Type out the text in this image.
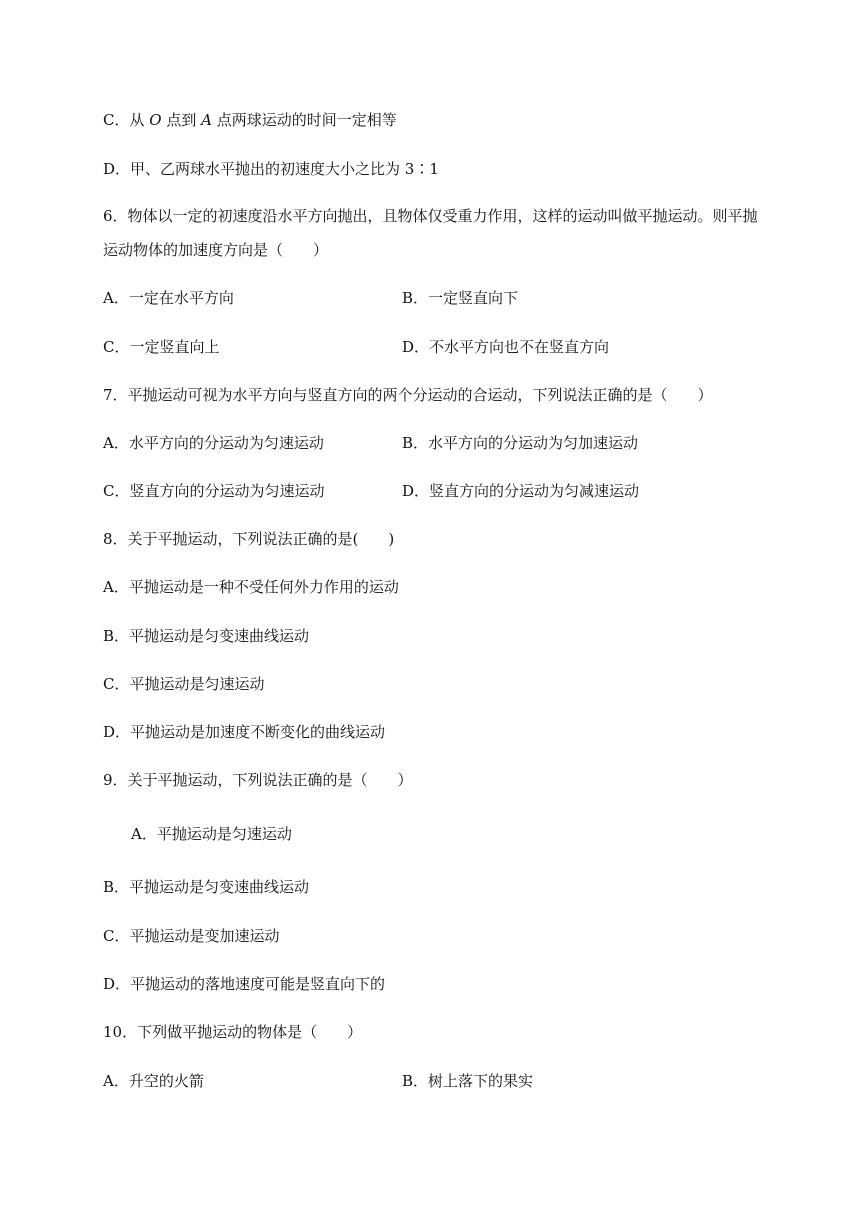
C．从 O 点到 A 点两球运动的时间一定相等
D．甲、乙两球水平抛出的初速度大小之比为 3∶1
6．物体以一定的初速度沿水平方向抛出，且物体仅受重力作用，这样的运动叫做平抛运动。则平抛
运动物体的加速度方向是（　　）
A．一定在水平方向	B．一定竖直向下
C．一定竖直向上	D．不水平方向也不在竖直方向
7．平抛运动可视为水平方向与竖直方向的两个分运动的合运动，下列说法正确的是（　　）
A．水平方向的分运动为匀速运动	B．水平方向的分运动为匀加速运动
C．竖直方向的分运动为匀速运动	D．竖直方向的分运动为匀减速运动
8．关于平抛运动，下列说法正确的是(　　)
A．平抛运动是一种不受任何外力作用的运动
B．平抛运动是匀变速曲线运动
C．平抛运动是匀速运动
D．平抛运动是加速度不断变化的曲线运动
9．关于平抛运动，下列说法正确的是（　　）
A．平抛运动是匀速运动
B．平抛运动是匀变速曲线运动
C．平抛运动是变加速运动
D．平抛运动的落地速度可能是竖直向下的
10．下列做平抛运动的物体是（　　）
A．升空的火箭	B．树上落下的果实
